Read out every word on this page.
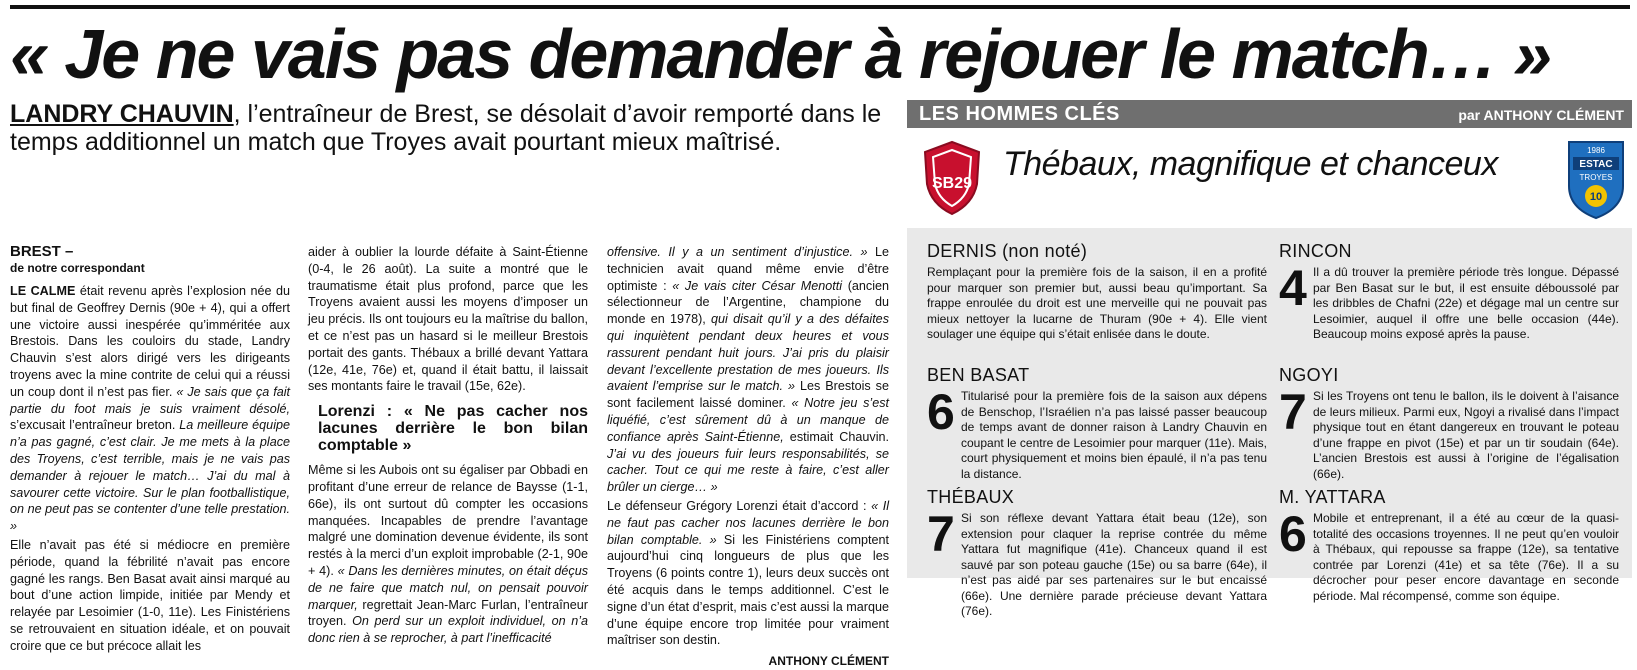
« Je ne vais pas demander à rejouer le match… »

LANDRY CHAUVIN, l’entraîneur de Brest, se désolait d’avoir remporté dans le temps additionnel un match que Troyes avait pourtant mieux maîtrisé.

BREST –
de notre correspondant

LE CALME était revenu après l’explosion née du but final de Geoffrey Dernis (90e + 4), qui a offert une victoire aussi inespérée qu’imméritée aux Brestois. Dans les couloirs du stade, Landry Chauvin s’est alors dirigé vers les dirigeants troyens avec la mine contrite de celui qui a réussi un coup dont il n’est pas fier. « Je sais que ça fait partie du foot mais je suis vraiment désolé, s’excusait l’entraîneur breton. La meilleure équipe n’a pas gagné, c’est clair. Je me mets à la place des Troyens, c’est terrible, mais je ne vais pas demander à rejouer le match… J’ai du mal à savourer cette victoire. Sur le plan footballistique, on ne peut pas se contenter d’une telle prestation. »

Elle n’avait pas été si médiocre en première période, quand la fébrilité n’avait pas encore gagné les rangs. Ben Basat avait ainsi marqué au bout d’une action limpide, initiée par Mendy et relayée par Lesoimier (1-0, 11e). Les Finistériens se retrouvaient en situation idéale, et on pouvait croire que ce but précoce allait les

aider à oublier la lourde défaite à Saint-Étienne (0-4, le 26 août). La suite a montré que le traumatisme était plus profond, parce que les Troyens avaient aussi les moyens d’imposer un jeu précis. Ils ont toujours eu la maîtrise du ballon, et ce n’est pas un hasard si le meilleur Brestois portait des gants. Thébaux a brillé devant Yattara (12e, 41e, 76e) et, quand il était battu, il laissait ses montants faire le travail (15e, 62e).

Lorenzi : « Ne pas cacher nos lacunes derrière le bon bilan comptable »

Même si les Aubois ont su égaliser par Obbadi en profitant d’une erreur de relance de Baysse (1-1, 66e), ils ont surtout dû compter les occasions manquées. Incapables de prendre l’avantage malgré une domination devenue évidente, ils sont restés à la merci d’un exploit improbable (2-1, 90e + 4). « Dans les dernières minutes, on était déçus de ne faire que match nul, on pensait pouvoir marquer, regrettait Jean-Marc Furlan, l’entraîneur troyen. On perd sur un exploit individuel, on n’a donc rien à se reprocher, à part l’inefficacité

offensive. Il y a un sentiment d’injustice. » Le technicien avait quand même envie d’être optimiste : « Je vais citer César Menotti (ancien sélectionneur de l’Argentine, champione du monde en 1978), qui disait qu’il y a des défaites qui inquiètent pendant deux heures et vous rassurent pendant huit jours. J’ai pris du plaisir devant l’excellente prestation de mes joueurs. Ils avaient l’emprise sur le match. » Les Brestois se sont facilement laissé dominer. « Notre jeu s’est liquéfié, c’est sûrement dû à un manque de confiance après Saint-Étienne, estimait Chauvin. J’ai vu des joueurs fuir leurs responsabilités, se cacher. Tout ce qui me reste à faire, c’est aller brûler un cierge… »

Le défenseur Grégory Lorenzi était d’accord : « Il ne faut pas cacher nos lacunes derrière le bon bilan comptable. » Si les Finistériens comptent aujourd’hui cinq longueurs de plus que les Troyens (6 points contre 1), leurs deux succès ont été acquis dans le temps additionnel. C’est le signe d’un état d’esprit, mais c’est aussi la marque d’une équipe encore trop limitée pour vraiment maîtriser son destin.

ANTHONY CLÉMENT
LES HOMMES CLÉS	par ANTHONY CLÉMENT
SB29
Thébaux, magnifique et chanceux	1986
ESTAC
TROYES
10
DERNIS (non noté)
Remplaçant pour la première fois de la saison, il en a profité pour marquer son premier but, aussi beau qu’important. Sa frappe enroulée du droit est une merveille qui ne pouvait pas mieux nettoyer la lucarne de Thuram (90e + 4). Elle vient soulager une équipe qui s’était enlisée dans le doute.
BEN BASAT
6 Titularisé pour la première fois de la saison aux dépens de Benschop, l’Israélien n’a pas laissé passer beaucoup de temps avant de donner raison à Landry Chauvin en coupant le centre de Lesoimier pour marquer (11e). Mais, court physiquement et moins bien épaulé, il n’a pas tenu la distance.
THÉBAUX
7 Si son réflexe devant Yattara était beau (12e), son extension pour claquer la reprise contrée du même Yattara fut magnifique (41e). Chanceux quand il est sauvé par son poteau gauche (15e) ou sa barre (64e), il n’est pas aidé par ses partenaires sur le but encaissé (66e). Une dernière parade précieuse devant Yattara (76e).
RINCON
4 Il a dû trouver la première période très longue. Dépassé par Ben Basat sur le but, il est ensuite déboussolé par les dribbles de Chafni (22e) et dégage mal un centre sur Lesoimier, auquel il offre une belle occasion (44e). Beaucoup moins exposé après la pause.
NGOYI
7 Si les Troyens ont tenu le ballon, ils le doivent à l’aisance de leurs milieux. Parmi eux, Ngoyi a rivalisé dans l’impact physique tout en étant dangereux en trouvant le poteau d’une frappe en pivot (15e) et par un tir soudain (64e). L’ancien Brestois est aussi à l’origine de l’égalisation (66e).
M. YATTARA
6 Mobile et entreprenant, il a été au cœur de la quasi-totalité des occasions troyennes. Il ne peut qu’en vouloir à Thébaux, qui repousse sa frappe (12e), sa tentative contrée par Lorenzi (41e) et sa tête (76e). Il a su décrocher pour peser encore davantage en seconde période. Mal récompensé, comme son équipe.
